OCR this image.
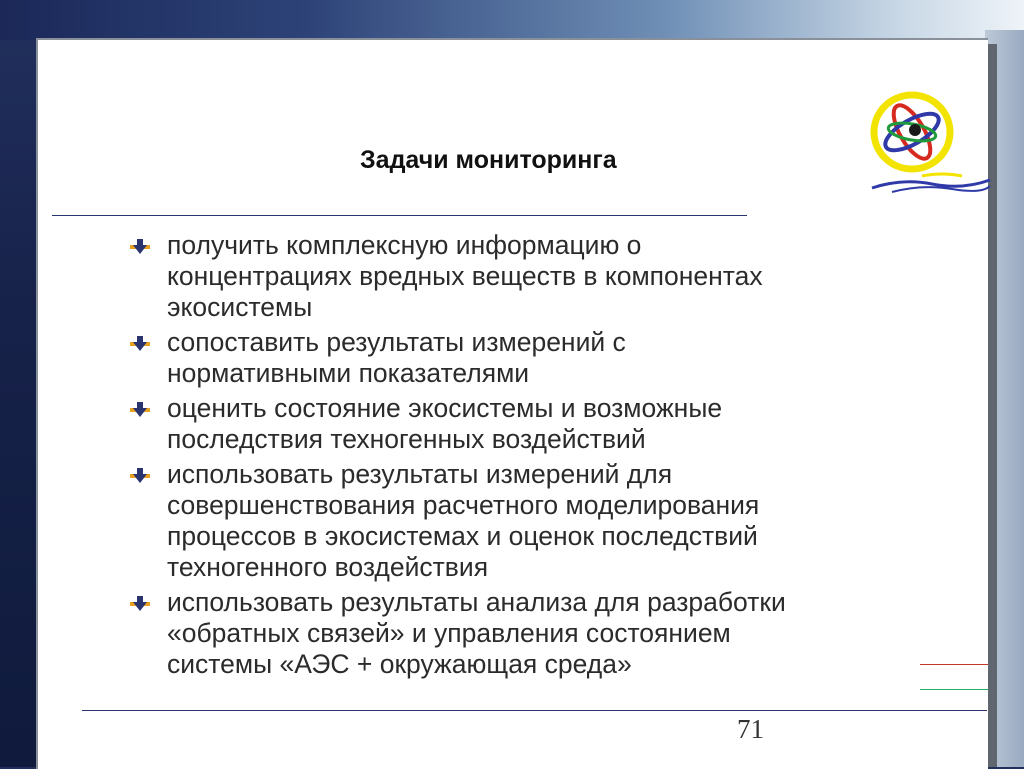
Задачи мониторинга
получить комплексную информацию о
концентрациях вредных веществ в компонентах
экосистемы
сопоставить результаты измерений с
нормативными показателями
оценить состояние экосистемы и возможные
последствия техногенных воздействий
использовать результаты измерений для
совершенствования расчетного моделирования
процессов в экосистемах и оценок последствий
техногенного воздействия
использовать результаты анализа для разработки
«обратных связей» и управления состоянием
системы «АЭС + окружающая среда»
71
